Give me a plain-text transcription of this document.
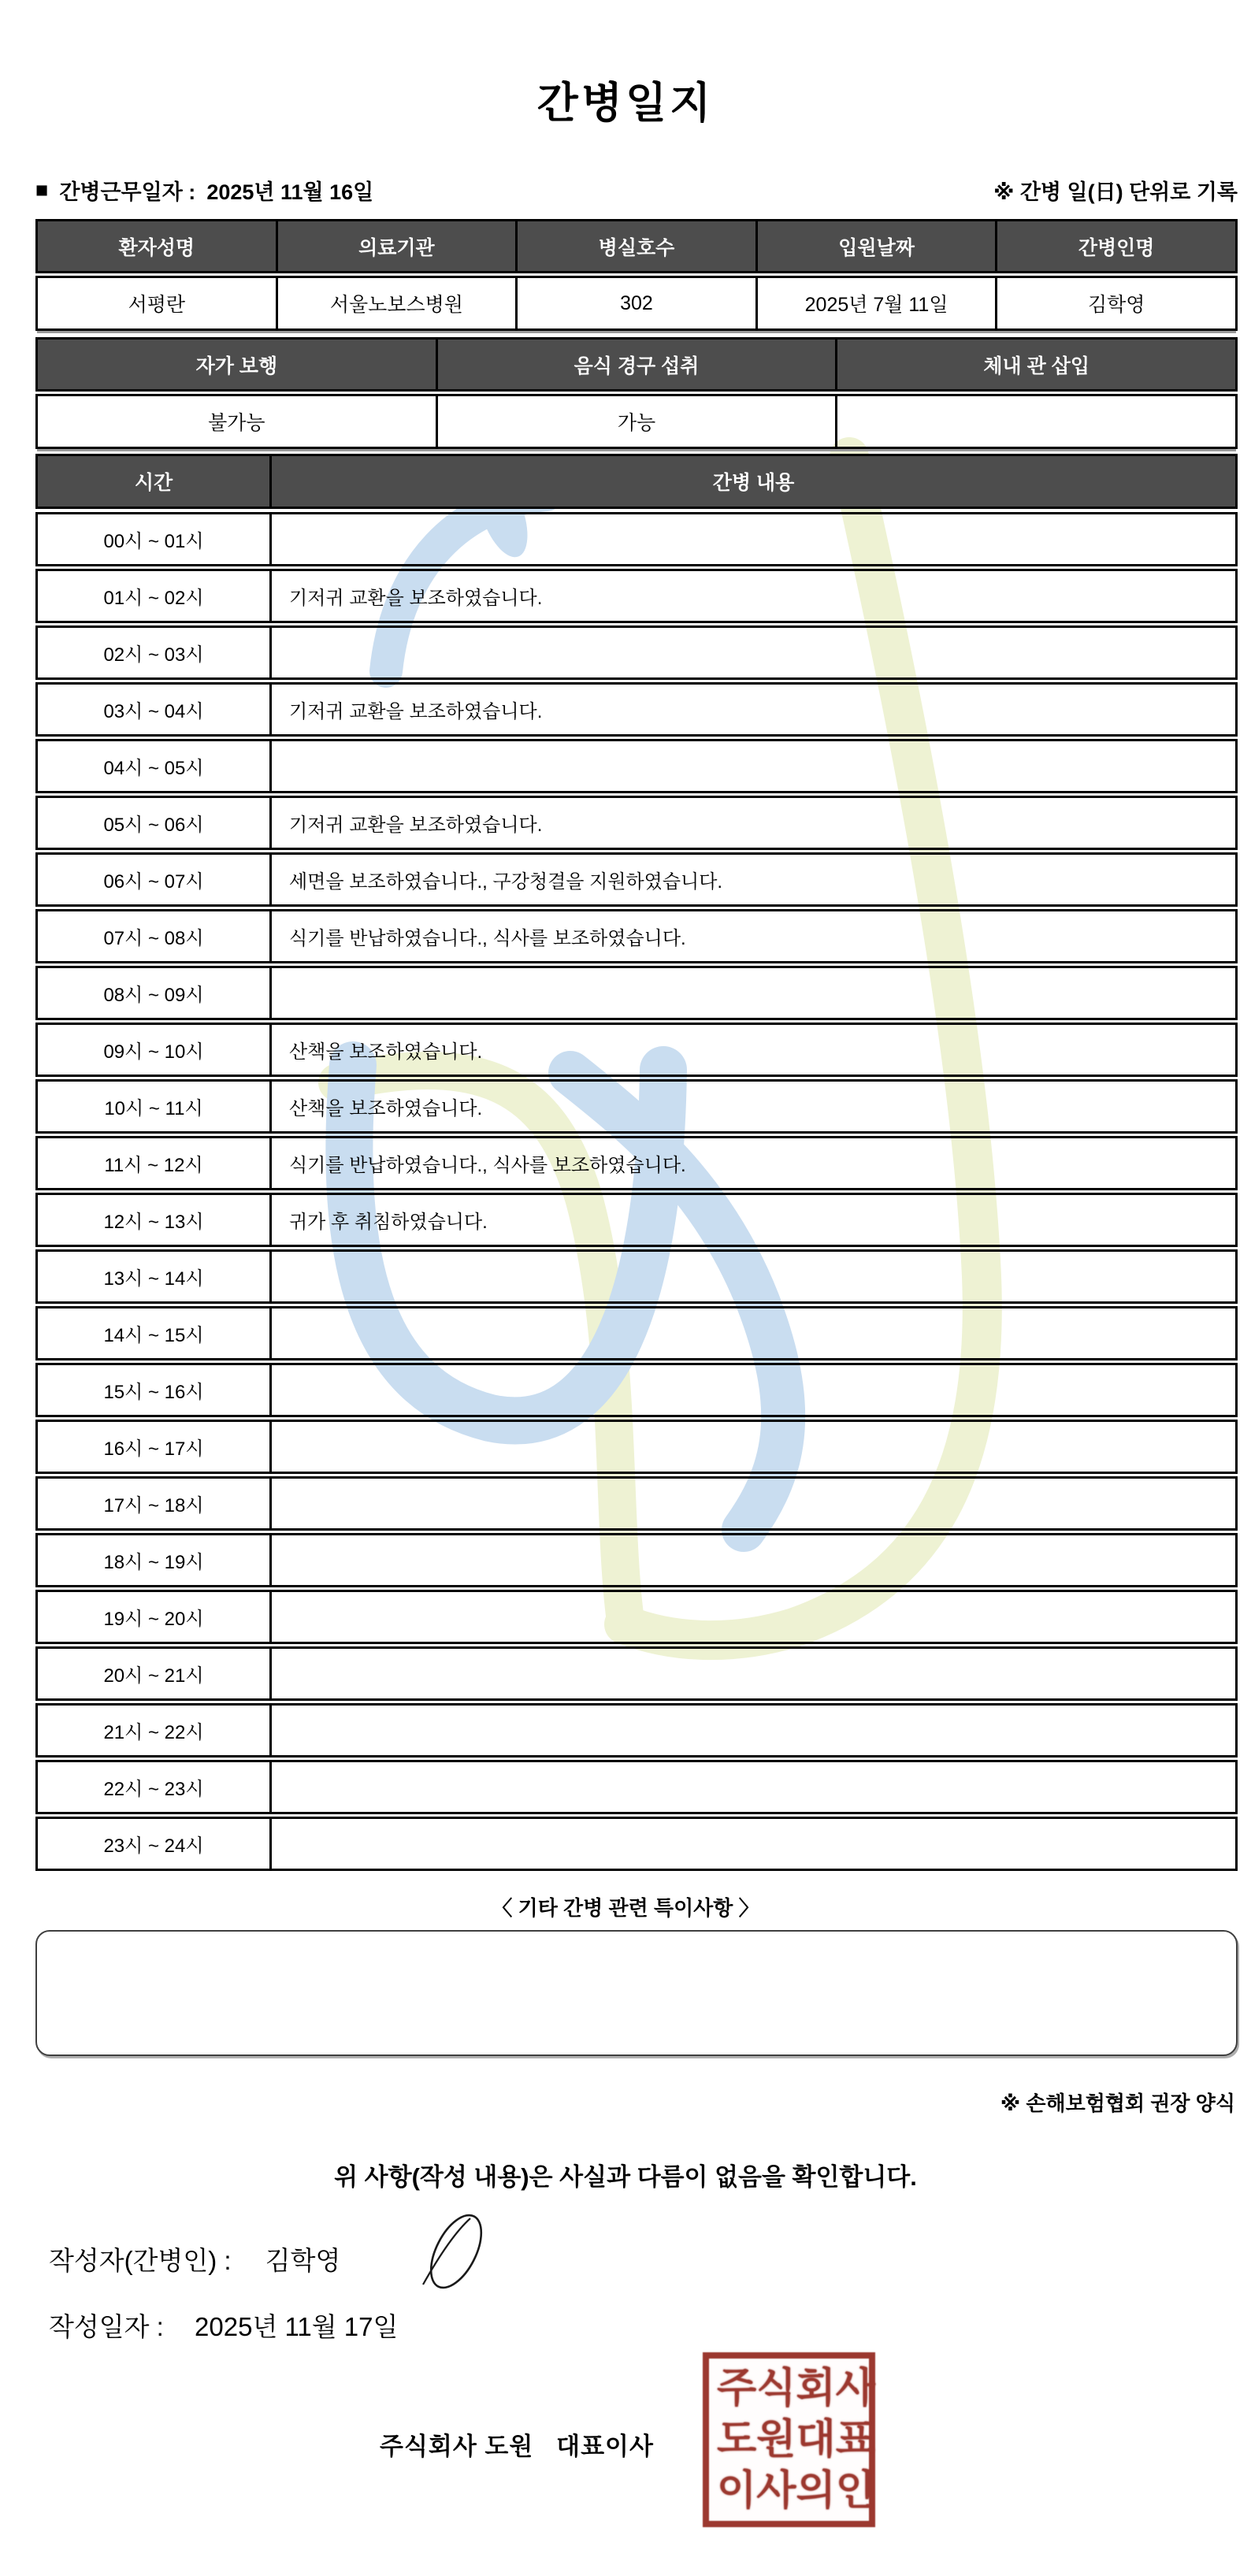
간병일지
■ 간병근무일자 : 2025년 11월 16일	※ 간병 일(日) 단위로 기록
환자성명	의료기관	병실호수	입원날짜	간병인명
서평란	서울노보스병원	302	2025년 7월 11일	김학영
자가 보행	음식 경구 섭취	체내 관 삽입
불가능	가능
시간	간병 내용
00시 ~ 01시
01시 ~ 02시	기저귀 교환을 보조하였습니다.
02시 ~ 03시
03시 ~ 04시	기저귀 교환을 보조하였습니다.
04시 ~ 05시
05시 ~ 06시	기저귀 교환을 보조하였습니다.
06시 ~ 07시	세면을 보조하였습니다., 구강청결을 지원하였습니다.
07시 ~ 08시	식기를 반납하였습니다., 식사를 보조하였습니다.
08시 ~ 09시
09시 ~ 10시	산책을 보조하였습니다.
10시 ~ 11시	산책을 보조하였습니다.
11시 ~ 12시	식기를 반납하였습니다., 식사를 보조하였습니다.
12시 ~ 13시	귀가 후 취침하였습니다.
13시 ~ 14시
14시 ~ 15시
15시 ~ 16시
16시 ~ 17시
17시 ~ 18시
18시 ~ 19시
19시 ~ 20시
20시 ~ 21시
21시 ~ 22시
22시 ~ 23시
23시 ~ 24시
〈 기타 간병 관련 특이사항 〉
※ 손해보험협회 권장 양식
위 사항(작성 내용)은 사실과 다름이 없음을 확인합니다.
작성자(간병인) : 김학영
작성일자 : 2025년 11월 17일
주식회사 도원   대표이사
주 식 회 사
도 원 대 표
이 사 의 인
